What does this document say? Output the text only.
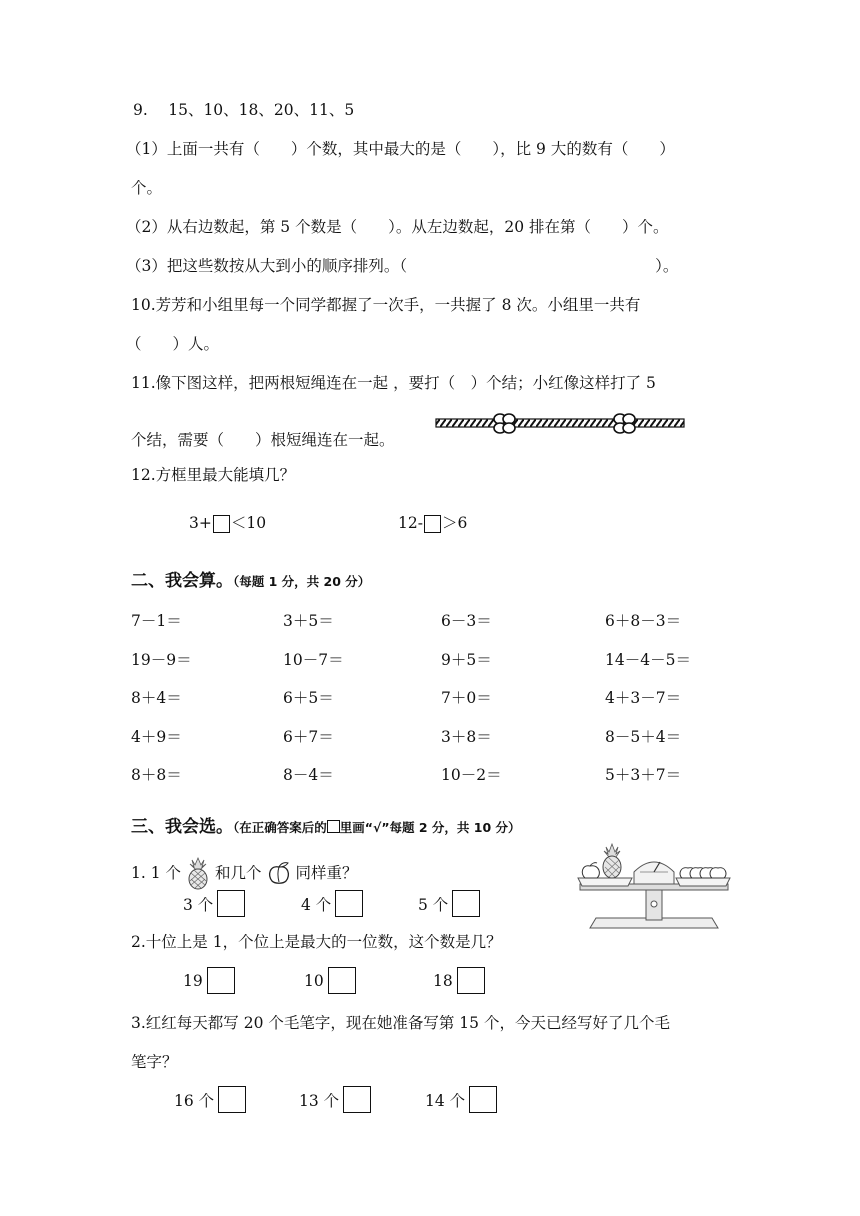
9.　 15、10、18、20、11、5
（1）上面一共有（　　）个数，其中最大的是（　　），比 9 大的数有（　　）
个。
（2）从右边数起，第 5 个数是（　　）。从左边数起，20 排在第（　　）个。
（3）把这些数按从大到小的顺序排列。（　　　　　　　　　　　　　　　　）。
10.芳芳和小组里每一个同学都握了一次手，一共握了 8 次。小组里一共有
（　　）人。
11.像下图这样，把两根短绳连在一起 ，要打（　）个结；小红像这样打了 5
个结，需要（　　）根短绳连在一起。
12.方框里最大能填几？
3+ ＜10	12- ＞6
二、我会算。（每题 1 分，共 20 分）
7－1＝	3＋5＝	6－3＝	6＋8－3＝
19－9＝	10－7＝	9＋5＝	14－4－5＝
8＋4＝	6＋5＝	7＋0＝	4＋3－7＝
4＋9＝	6＋7＝	3＋8＝	8－5＋4＝
8＋8＝	8－4＝	10－2＝	5＋3＋7＝
三、我会选。（在正确答案后的 里画“√”每题 2 分，共 10 分）
1. 1 个 和几个 同样重？
3 个	4 个	5 个
2.十位上是 1，个位上是最大的一位数，这个数是几？
19	10	18
3.红红每天都写 20 个毛笔字，现在她准备写第 15 个，今天已经写好了几个毛
笔字？
16 个	13 个	14 个
